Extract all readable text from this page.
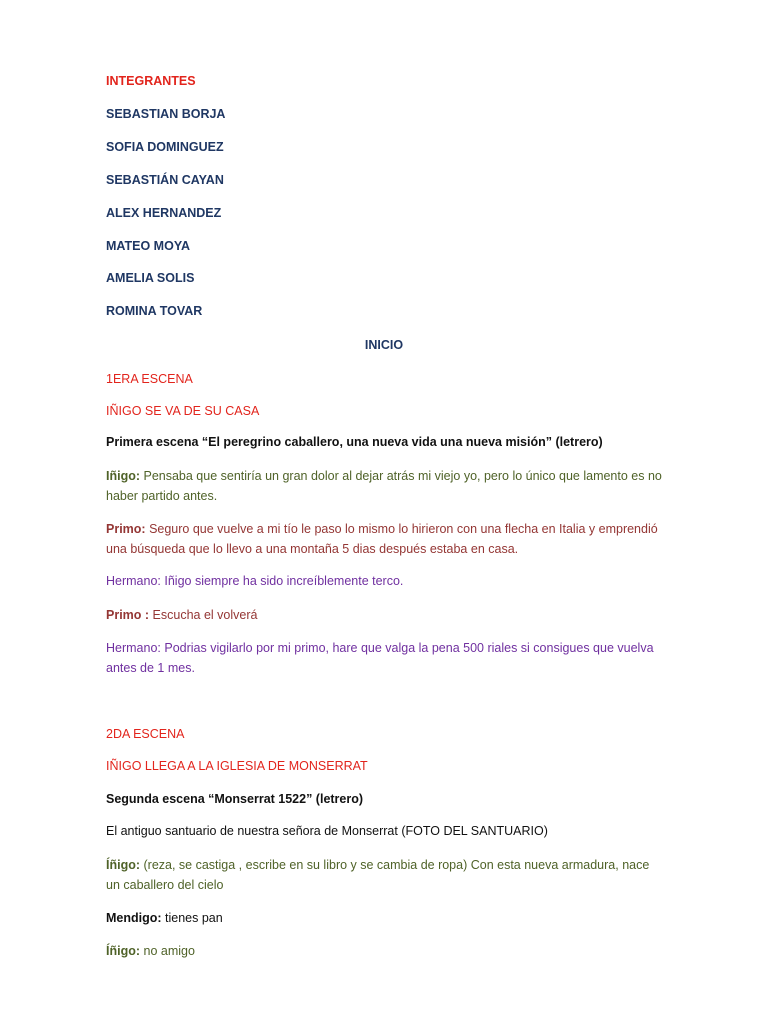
INTEGRANTES

SEBASTIAN BORJA

SOFIA DOMINGUEZ

SEBASTIÁN CAYAN

ALEX HERNANDEZ

MATEO MOYA

AMELIA SOLIS

ROMINA TOVAR

INICIO

1ERA ESCENA

IÑIGO SE VA DE SU CASA

Primera escena “El peregrino caballero, una nueva vida una nueva misión” (letrero)

Iñigo: Pensaba que sentiría un gran dolor al dejar atrás mi viejo yo, pero lo único que lamento es no haber partido antes.

Primo: Seguro que vuelve a mi tío le paso lo mismo lo hirieron con una flecha en Italia y emprendió una búsqueda que lo llevo a una montaña 5 dias después estaba en casa.

Hermano: Iñigo siempre ha sido increíblemente terco.

Primo : Escucha el volverá

Hermano: Podrias vigilarlo por mi primo, hare que valga la pena 500 riales si consigues que vuelva antes de 1 mes.

2DA ESCENA

IÑIGO LLEGA A LA IGLESIA DE MONSERRAT

Segunda escena “Monserrat 1522” (letrero)

El antiguo santuario de nuestra señora de Monserrat (FOTO DEL SANTUARIO)

Íñigo: (reza, se castiga , escribe en su libro y se cambia de ropa) Con esta nueva armadura, nace un caballero del cielo

Mendigo: tienes pan

Íñigo: no amigo
